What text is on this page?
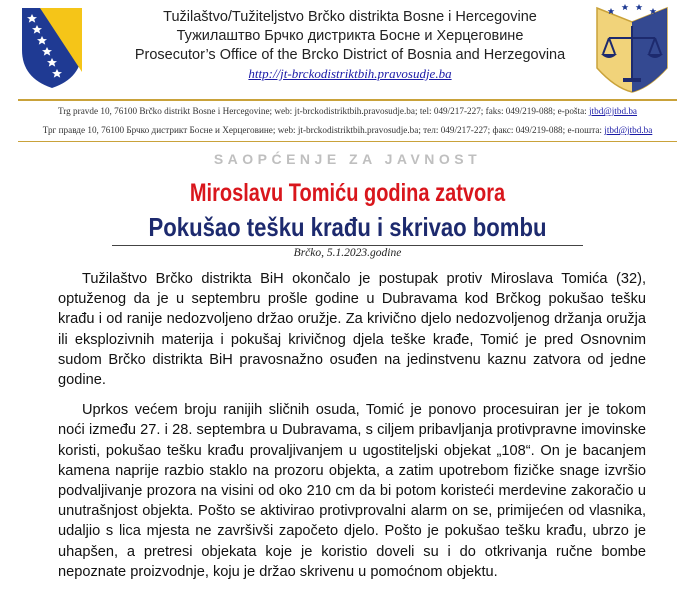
Tužilaštvo/Tužiteljstvo Brčko distrikta Bosne i Hercegovine
Тужилаштво Брчко дистрикта Босне и Херцеговине
Prosecutor’s Office of the Brcko District of Bosnia and Herzegovina
http://jt-brckodistriktbih.pravosudje.ba
Trg pravde 10, 76100 Brčko distrikt Bosne i Hercegovine; web: jt-brckodistriktbih.pravosudje.ba; tel: 049/217-227; faks: 049/219-088; e-pošta: jtbd@jtbd.ba
Трг правде 10, 76100 Брчко дистрикт Босне и Херцеговине; web: jt-brckodistriktbih.pravosudje.ba; тел: 049/217-227; факс: 049/219-088; е-пошта: jtbd@jtbd.ba
SAOPĆENJE ZA JAVNOST
Miroslavu Tomiću godina zatvora
Pokušao tešku krađu i skrivao bombu
Brčko, 5.1.2023.godine

Tužilaštvo Brčko distrikta BiH okončalo je postupak protiv Miroslava Tomića (32), optuženog da je u septembru prošle godine u Dubravama kod Brčkog pokušao tešku krađu i od ranije nedozvoljeno držao oružje. Za krivično djelo nedozvoljenog držanja oružja ili eksplozivnih materija i pokušaj krivičnog djela teške krađe, Tomić je pred Osnovnim sudom Brčko distrikta BiH pravosnažno osuđen na jedinstvenu kaznu zatvora od jedne godine.

Uprkos većem broju ranijih sličnih osuda, Tomić je ponovo procesuiran jer je tokom noći između 27. i 28. septembra u Dubravama, s ciljem pribavljanja protivpravne imovinske koristi, pokušao tešku krađu provaljivanjem u ugostiteljski objekat „108“. On je bacanjem kamena naprije razbio staklo na prozoru objekta, a zatim upotrebom fizičke snage izvršio podvaljivanje prozora na visini od oko 210 cm da bi potom koristeći merdevine zakoračio u unutrašnjost objekta. Pošto se aktivirao protivprovalni alarm on se, primijećen od vlasnika, udaljio s lica mjesta ne završivši započeto djelo. Pošto je pokušao tešku krađu, ubrzo je uhapšen, a pretresi objekata koje je koristio doveli su i do otkrivanja ručne bombe nepoznate proizvodnje, koju je držao skrivenu u pomoćnom objektu.
